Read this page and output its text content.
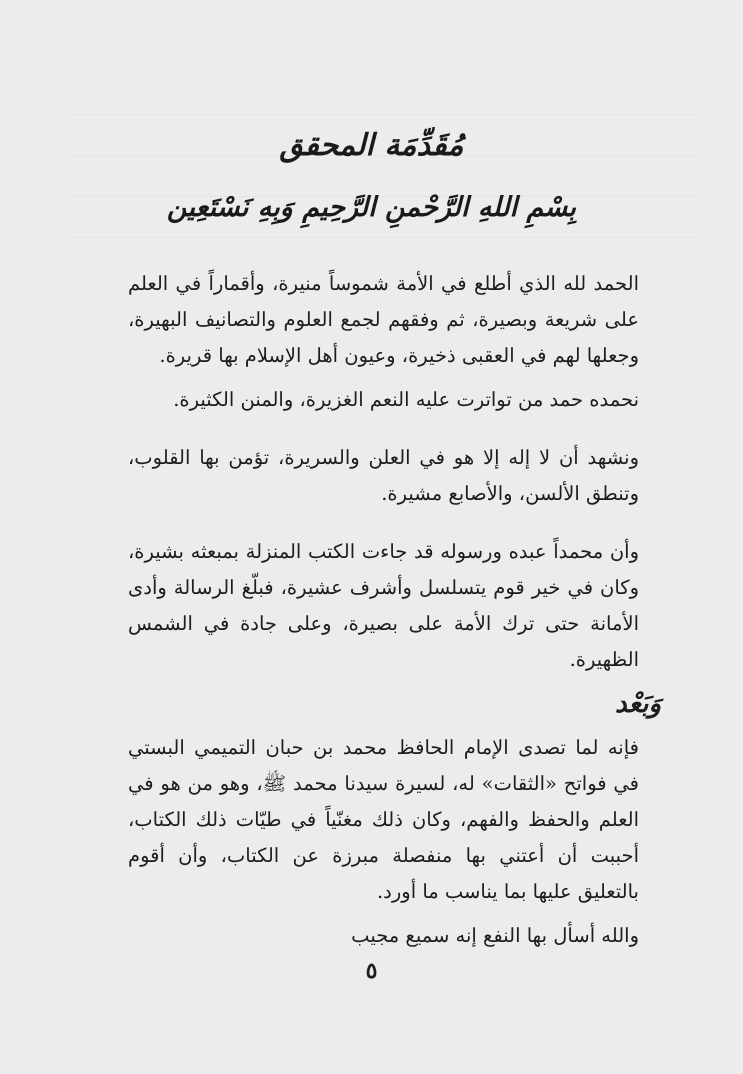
مُقَدِّمَة المحقق
بِسْمِ اللهِ الرَّحْمنِ الرَّحِيمِ وَبِهِ نَسْتَعِين

الحمد لله الذي أطلع في الأمة شموساً منيرة، وأقماراً في العلم على شريعة وبصيرة، ثم وفقهم لجمع العلوم والتصانيف البهيرة، وجعلها لهم في العقبى ذخيرة، وعيون أهل الإسلام بها قريرة.

نحمده حمد من تواترت عليه النعم الغزيرة، والمنن الكثيرة.

ونشهد أن لا إله إلا هو في العلن والسريرة، تؤمن بها القلوب، وتنطق الألسن، والأصابع مشيرة.

وأن محمداً عبده ورسوله قد جاءت الكتب المنزلة بمبعثه بشيرة، وكان في خير قوم يتسلسل وأشرف عشيرة، فبلّغ الرسالة وأدى الأمانة حتى ترك الأمة على بصيرة، وعلى جادة في الشمس الظهيرة.

وَبَعْد

فإنه لما تصدى الإمام الحافظ محمد بن حبان التميمي البستي في فواتح «الثقات» له، لسيرة سيدنا محمد ﷺ، وهو من هو في العلم والحفظ والفهم، وكان ذلك مغنّياً في طيّات ذلك الكتاب، أحببت أن أعتني بها منفصلة مبرزة عن الكتاب، وأن أقوم بالتعليق عليها بما يناسب ما أورد.

والله أسأل بها النفع إنه سميع مجيب

٥
